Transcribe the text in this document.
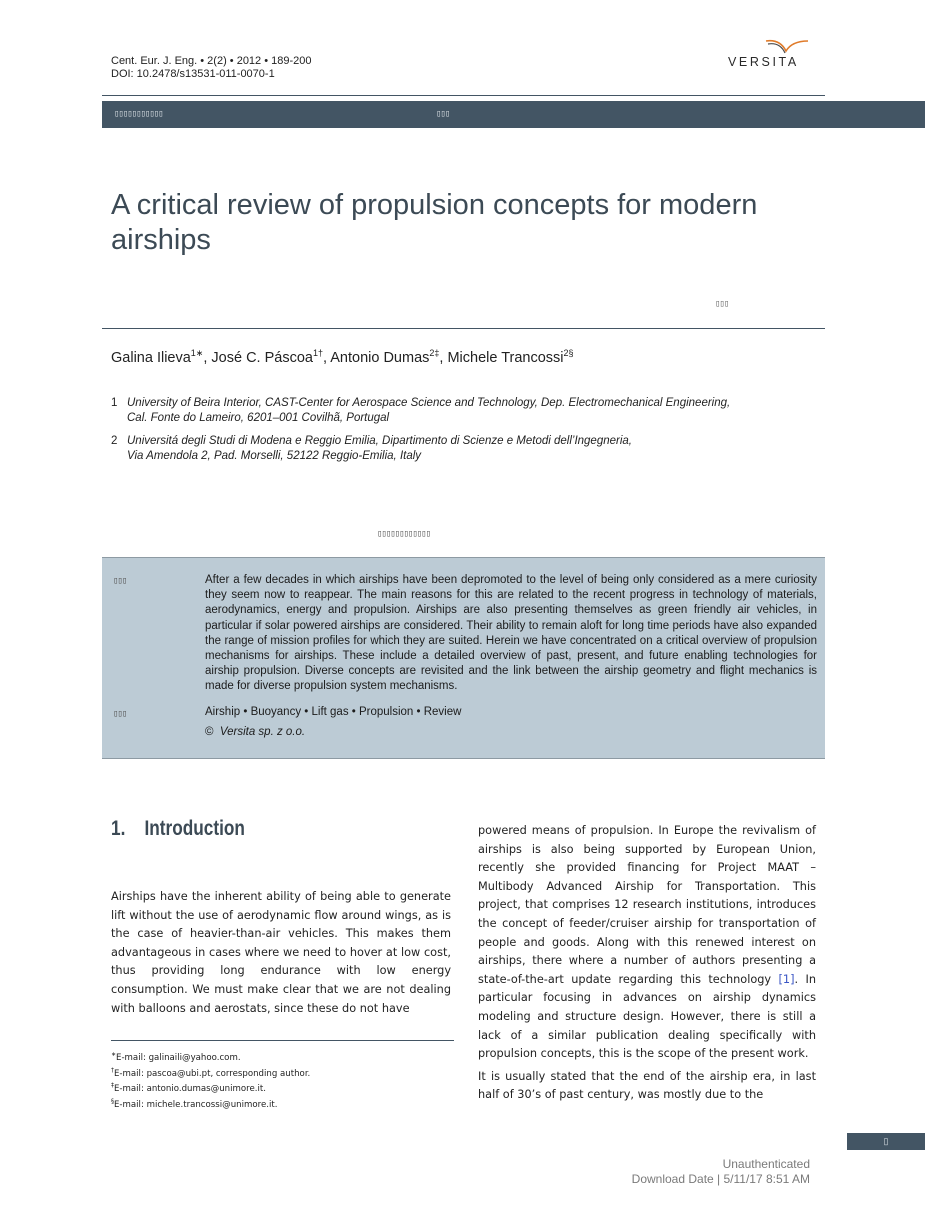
Cent. Eur. J. Eng. • 2(2) • 2012 • 189-200
DOI: 10.2478/s13531-011-0070-1
VERSITA
▯▯▯▯▯▯▯▯▯▯▯	▯▯▯
A critical review of propulsion concepts for modern airships
▯▯▯
Galina Ilieva$^{1∗}$, José C. Páscoa$^{1\dagger}$, Antonio Dumas$^{2\ddagger}$, Michele Trancossi$^{2\S}$
1 University of Beira Interior, CAST-Center for Aerospace Science and Technology, Dep. Electromechanical Engineering,
Cal. Fonte do Lameiro, 6201–001 Covilhã, Portugal
2 Universitá degli Studi di Modena e Reggio Emilia, Dipartimento di Scienze e Metodi dell’Ingegneria,
Via Amendola 2, Pad. Morselli, 52122 Reggio-Emilia, Italy
▯▯▯▯▯▯▯▯▯▯▯▯
▯▯▯
▯▯▯
After a few decades in which airships have been depromoted to the level of being only considered as a mere curiosity they seem now to reappear. The main reasons for this are related to the recent progress in technology of materials, aerodynamics, energy and propulsion. Airships are also presenting themselves as green friendly air vehicles, in particular if solar powered airships are considered. Their ability to remain aloft for long time periods have also expanded the range of mission profiles for which they are suited. Herein we have concentrated on a critical overview of propulsion mechanisms for airships. These include a detailed overview of past, present, and future enabling technologies for airship propulsion. Diverse concepts are revisited and the link between the airship geometry and flight mechanics is made for diverse propulsion system mechanisms.
Airship • Buoyancy • Lift gas • Propulsion • Review
© Versita sp. z o.o.
1. Introduction

Airships have the inherent ability of being able to generate lift without the use of aerodynamic flow around wings, as is the case of heavier-than-air vehicles. This makes them advantageous in cases where we need to hover at low cost, thus providing long endurance with low energy consumption. We must make clear that we are not dealing with balloons and aerostats, since these do not have

powered means of propulsion. In Europe the revivalism of airships is also being supported by European Union, recently she provided financing for Project MAAT – Multibody Advanced Airship for Transportation. This project, that comprises 12 research institutions, introduces the concept of feeder/cruiser airship for transportation of people and goods. Along with this renewed interest on airships, there where a number of authors presenting a state-of-the-art update regarding this technology [1]. In particular focusing in advances on airship dynamics modeling and structure design. However, there is still a lack of a similar publication dealing specifically with propulsion concepts, this is the scope of the present work.

It is usually stated that the end of the airship era, in last half of 30’s of past century, was mostly due to the

∗E-mail: galinaili@yahoo.com.
†E-mail: pascoa@ubi.pt, corresponding author.
‡E-mail: antonio.dumas@unimore.it.
§E-mail: michele.trancossi@unimore.it.
▯
Unauthenticated
Download Date | 5/11/17 8:51 AM
